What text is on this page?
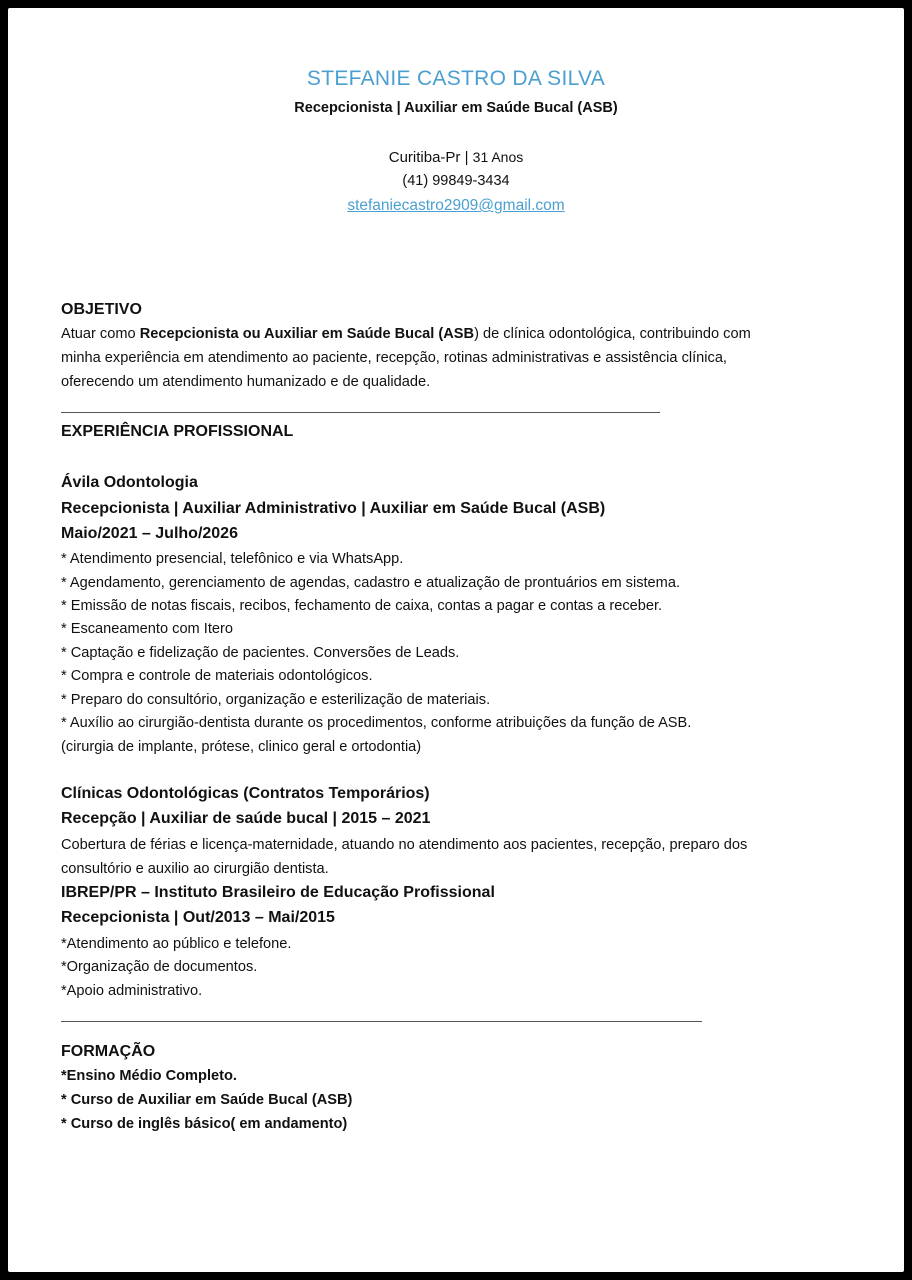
STEFANIE CASTRO DA SILVA
Recepcionista | Auxiliar em Saúde Bucal (ASB)
Curitiba-Pr | 31 Anos
(41) 99849-3434
stefaniecastro2909@gmail.com
OBJETIVO
Atuar como Recepcionista ou Auxiliar em Saúde Bucal (ASB) de clínica odontológica, contribuindo com
minha experiência em atendimento ao paciente, recepção, rotinas administrativas e assistência clínica,
oferecendo um atendimento humanizado e de qualidade.
EXPERIÊNCIA PROFISSIONAL
Ávila Odontologia
Recepcionista | Auxiliar Administrativo | Auxiliar em Saúde Bucal (ASB)
Maio/2021 – Julho/2026
* Atendimento presencial, telefônico e via WhatsApp.
* Agendamento, gerenciamento de agendas, cadastro e atualização de prontuários em sistema.
* Emissão de notas fiscais, recibos, fechamento de caixa, contas a pagar e contas a receber.
* Escaneamento com Itero
* Captação e fidelização de pacientes. Conversões de Leads.
* Compra e controle de materiais odontológicos.
* Preparo do consultório, organização e esterilização de materiais.
* Auxílio ao cirurgião-dentista durante os procedimentos, conforme atribuições da função de ASB.
(cirurgia de implante, prótese, clinico geral e ortodontia)
Clínicas Odontológicas (Contratos Temporários)
Recepção | Auxiliar de saúde bucal | 2015 – 2021
Cobertura de férias e licença-maternidade, atuando no atendimento aos pacientes, recepção, preparo dos
consultório e auxilio ao cirurgião dentista.
IBREP/PR – Instituto Brasileiro de Educação Profissional
Recepcionista | Out/2013 – Mai/2015
*Atendimento ao público e telefone.
*Organização de documentos.
*Apoio administrativo.
FORMAÇÃO
*Ensino Médio Completo.
* Curso de Auxiliar em Saúde Bucal (ASB)
* Curso de inglês básico( em andamento)
